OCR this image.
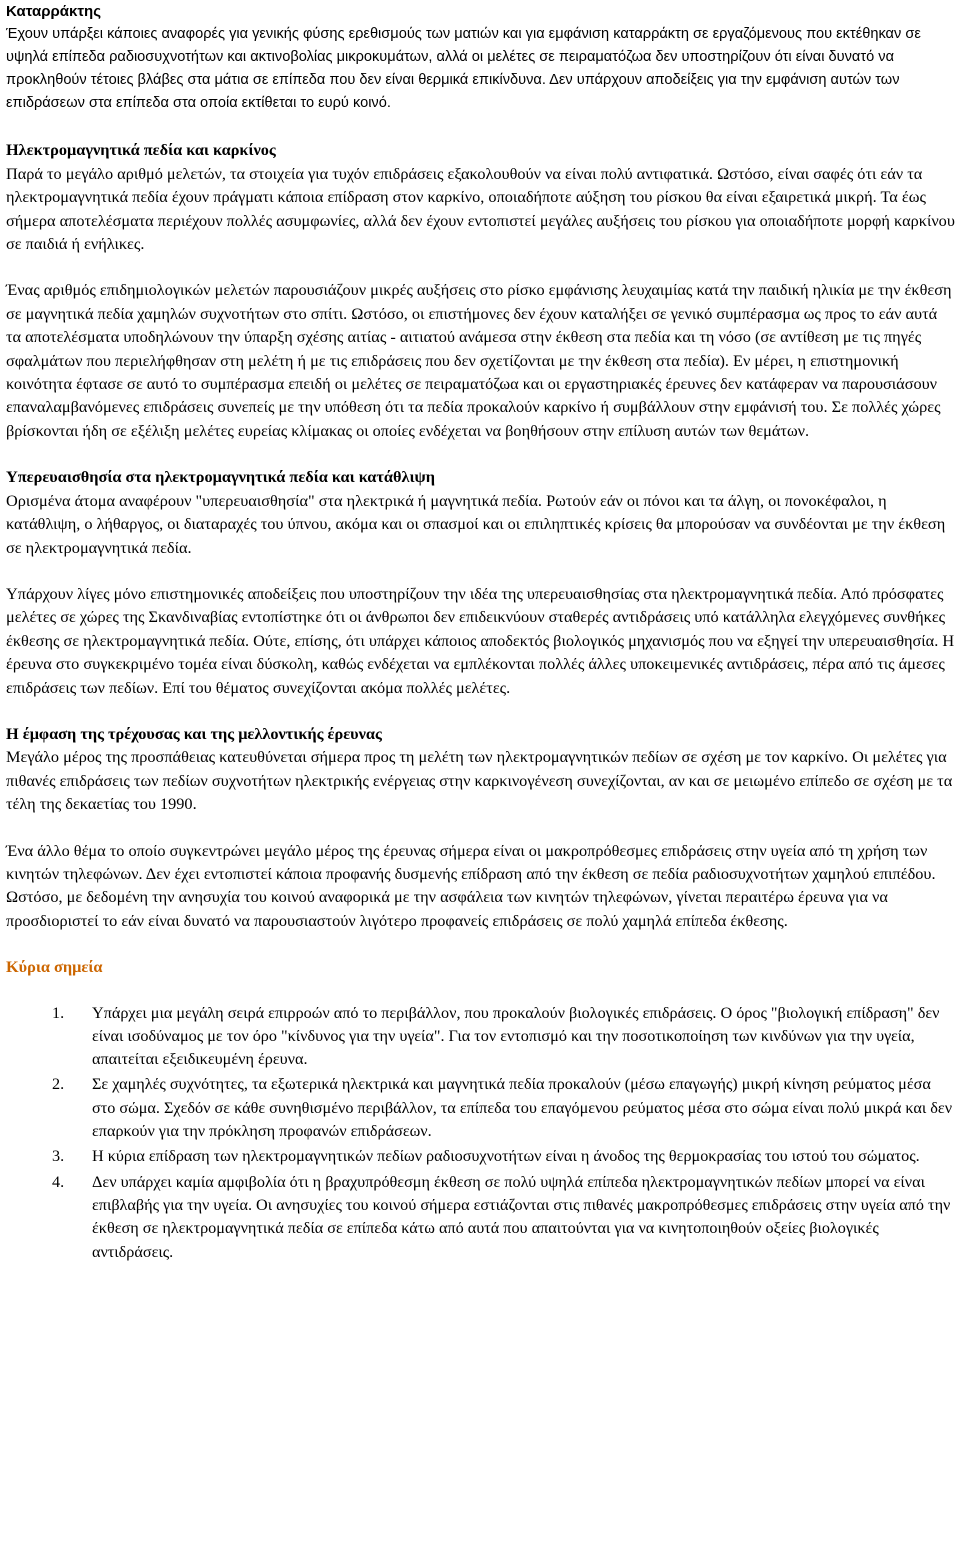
Καταρράκτης

Έχουν υπάρξει κάποιες αναφορές για γενικής φύσης ερεθισμούς των ματιών και για εμφάνιση καταρράκτη σε εργαζόμενους που εκτέθηκαν σε υψηλά επίπεδα ραδιοσυχνοτήτων και ακτινοβολίας μικροκυμάτων, αλλά οι μελέτες σε πειραματόζωα δεν υποστηρίζουν ότι είναι δυνατό να προκληθούν τέτοιες βλάβες στα μάτια σε επίπεδα που δεν είναι θερμικά επικίνδυνα. Δεν υπάρχουν αποδείξεις για την εμφάνιση αυτών των επιδράσεων στα επίπεδα στα οποία εκτίθεται το ευρύ κοινό.

Ηλεκτρομαγνητικά πεδία και καρκίνος

Παρά το μεγάλο αριθμό μελετών, τα στοιχεία για τυχόν επιδράσεις εξακολουθούν να είναι πολύ αντιφατικά. Ωστόσο, είναι σαφές ότι εάν τα ηλεκτρομαγνητικά πεδία έχουν πράγματι κάποια επίδραση στον καρκίνο, οποιαδήποτε αύξηση του ρίσκου θα είναι εξαιρετικά μικρή. Τα έως σήμερα αποτελέσματα περιέχουν πολλές ασυμφωνίες, αλλά δεν έχουν εντοπιστεί μεγάλες αυξήσεις του ρίσκου για οποιαδήποτε μορφή καρκίνου σε παιδιά ή ενήλικες.

Ένας αριθμός επιδημιολογικών μελετών παρουσιάζουν μικρές αυξήσεις στο ρίσκο εμφάνισης λευχαιμίας κατά την παιδική ηλικία με την έκθεση σε μαγνητικά πεδία χαμηλών συχνοτήτων στο σπίτι. Ωστόσο, οι επιστήμονες δεν έχουν καταλήξει σε γενικό συμπέρασμα ως προς το εάν αυτά τα αποτελέσματα υποδηλώνουν την ύπαρξη σχέσης αιτίας - αιτιατού ανάμεσα στην έκθεση στα πεδία και τη νόσο (σε αντίθεση με τις πηγές σφαλμάτων που περιελήφθησαν στη μελέτη ή με τις επιδράσεις που δεν σχετίζονται με την έκθεση στα πεδία). Εν μέρει, η επιστημονική κοινότητα έφτασε σε αυτό το συμπέρασμα επειδή οι μελέτες σε πειραματόζωα και οι εργαστηριακές έρευνες δεν κατάφεραν να παρουσιάσουν επαναλαμβανόμενες επιδράσεις συνεπείς με την υπόθεση ότι τα πεδία προκαλούν καρκίνο ή συμβάλλουν στην εμφάνισή του. Σε πολλές χώρες βρίσκονται ήδη σε εξέλιξη μελέτες ευρείας κλίμακας οι οποίες ενδέχεται να βοηθήσουν στην επίλυση αυτών των θεμάτων.

Υπερευαισθησία στα ηλεκτρομαγνητικά πεδία και κατάθλιψη

Ορισμένα άτομα αναφέρουν "υπερευαισθησία" στα ηλεκτρικά ή μαγνητικά πεδία. Ρωτούν εάν οι πόνοι και τα άλγη, οι πονοκέφαλοι, η κατάθλιψη, ο λήθαργος, οι διαταραχές του ύπνου, ακόμα και οι σπασμοί και οι επιληπτικές κρίσεις θα μπορούσαν να συνδέονται με την έκθεση σε ηλεκτρομαγνητικά πεδία.

Υπάρχουν λίγες μόνο επιστημονικές αποδείξεις που υποστηρίζουν την ιδέα της υπερευαισθησίας στα ηλεκτρομαγνητικά πεδία. Από πρόσφατες μελέτες σε χώρες της Σκανδιναβίας εντοπίστηκε ότι οι άνθρωποι δεν επιδεικνύουν σταθερές αντιδράσεις υπό κατάλληλα ελεγχόμενες συνθήκες έκθεσης σε ηλεκτρομαγνητικά πεδία. Ούτε, επίσης, ότι υπάρχει κάποιος αποδεκτός βιολογικός μηχανισμός που να εξηγεί την υπερευαισθησία. Η έρευνα στο συγκεκριμένο τομέα είναι δύσκολη, καθώς ενδέχεται να εμπλέκονται πολλές άλλες υποκειμενικές αντιδράσεις, πέρα από τις άμεσες επιδράσεις των πεδίων. Επί του θέματος συνεχίζονται ακόμα πολλές μελέτες.

Η έμφαση της τρέχουσας και της μελλοντικής έρευνας

Μεγάλο μέρος της προσπάθειας κατευθύνεται σήμερα προς τη μελέτη των ηλεκτρομαγνητικών πεδίων σε σχέση με τον καρκίνο. Οι μελέτες για πιθανές επιδράσεις των πεδίων συχνοτήτων ηλεκτρικής ενέργειας στην καρκινογένεση συνεχίζονται, αν και σε μειωμένο επίπεδο σε σχέση με τα τέλη της δεκαετίας του 1990.

Ένα άλλο θέμα το οποίο συγκεντρώνει μεγάλο μέρος της έρευνας σήμερα είναι οι μακροπρόθεσμες επιδράσεις στην υγεία από τη χρήση των κινητών τηλεφώνων. Δεν έχει εντοπιστεί κάποια προφανής δυσμενής επίδραση από την έκθεση σε πεδία ραδιοσυχνοτήτων χαμηλού επιπέδου. Ωστόσο, με δεδομένη την ανησυχία του κοινού αναφορικά με την ασφάλεια των κινητών τηλεφώνων, γίνεται περαιτέρω έρευνα για να προσδιοριστεί το εάν είναι δυνατό να παρουσιαστούν λιγότερο προφανείς επιδράσεις σε πολύ χαμηλά επίπεδα έκθεσης.

Κύρια σημεία
1. Υπάρχει μια μεγάλη σειρά επιρροών από το περιβάλλον, που προκαλούν βιολογικές επιδράσεις. Ο όρος "βιολογική επίδραση" δεν είναι ισοδύναμος με τον όρο "κίνδυνος για την υγεία". Για τον εντοπισμό και την ποσοτικοποίηση των κινδύνων για την υγεία, απαιτείται εξειδικευμένη έρευνα.
2. Σε χαμηλές συχνότητες, τα εξωτερικά ηλεκτρικά και μαγνητικά πεδία προκαλούν (μέσω επαγωγής) μικρή κίνηση ρεύματος μέσα στο σώμα. Σχεδόν σε κάθε συνηθισμένο περιβάλλον, τα επίπεδα του επαγόμενου ρεύματος μέσα στο σώμα είναι πολύ μικρά και δεν επαρκούν για την πρόκληση προφανών επιδράσεων.
3. Η κύρια επίδραση των ηλεκτρομαγνητικών πεδίων ραδιοσυχνοτήτων είναι η άνοδος της θερμοκρασίας του ιστού του σώματος.
4. Δεν υπάρχει καμία αμφιβολία ότι η βραχυπρόθεσμη έκθεση σε πολύ υψηλά επίπεδα ηλεκτρομαγνητικών πεδίων μπορεί να είναι επιβλαβής για την υγεία. Οι ανησυχίες του κοινού σήμερα εστιάζονται στις πιθανές μακροπρόθεσμες επιδράσεις στην υγεία από την έκθεση σε ηλεκτρομαγνητικά πεδία σε επίπεδα κάτω από αυτά που απαιτούνται για να κινητοποιηθούν οξείες βιολογικές αντιδράσεις.
